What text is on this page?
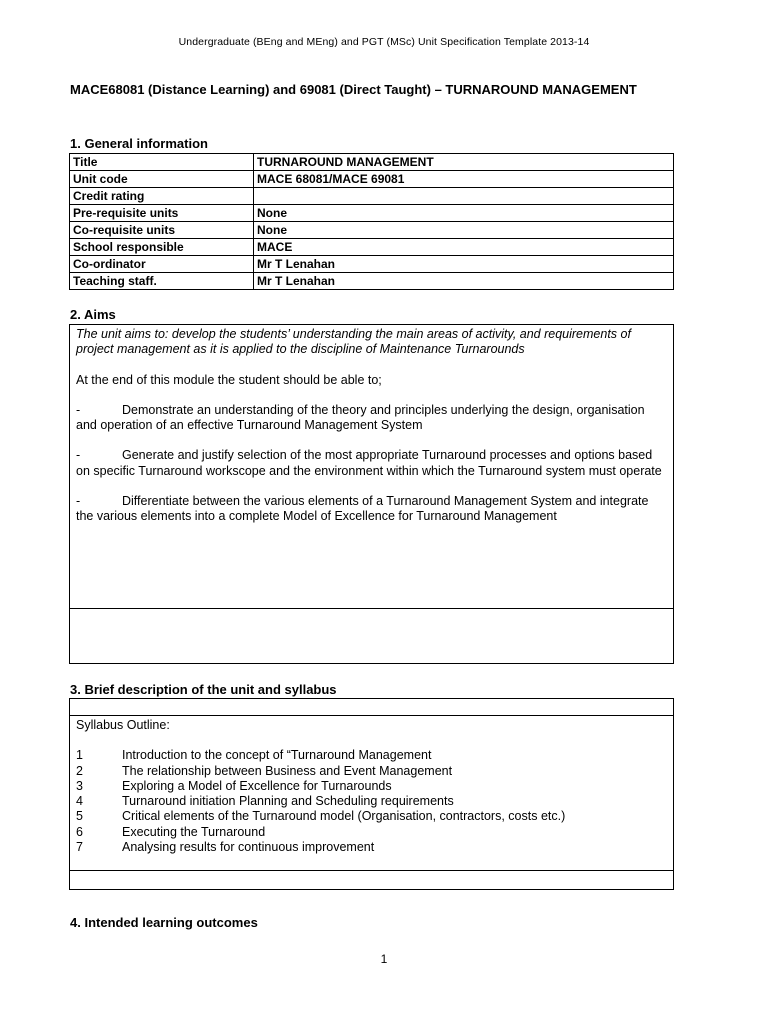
Undergraduate (BEng and MEng) and PGT (MSc) Unit Specification Template 2013-14
MACE68081 (Distance Learning) and 69081 (Direct Taught) – TURNAROUND MANAGEMENT
1. General information
Title	TURNAROUND MANAGEMENT
Unit code	MACE 68081/MACE 69081
Credit rating	
Pre-requisite units	None
Co-requisite units	None
School responsible	MACE
Co-ordinator	Mr T Lenahan
Teaching staff.	Mr T Lenahan
2. Aims

The unit aims to: develop the students’ understanding the main areas of activity, and requirements of project management as it is applied to the discipline of Maintenance Turnarounds

At the end of this module the student should be able to;

-	Demonstrate an understanding of the theory and principles underlying the design, organisation and operation of an effective Turnaround Management System

-	Generate and justify selection of the most appropriate Turnaround processes and options based on specific Turnaround workscope and the environment within which the Turnaround system must operate

-	Differentiate between the various elements of a Turnaround Management System and integrate the various elements into a complete Model of Excellence for Turnaround Management

3. Brief description of the unit and syllabus

Syllabus Outline:

1	Introduction to the concept of “Turnaround Management
2	The relationship between Business and Event Management
3	Exploring a Model of Excellence for Turnarounds
4	Turnaround initiation Planning and Scheduling requirements
5	Critical elements of the Turnaround model (Organisation, contractors, costs etc.)
6	Executing the Turnaround
7	Analysing results for continuous improvement
4. Intended learning outcomes
1
